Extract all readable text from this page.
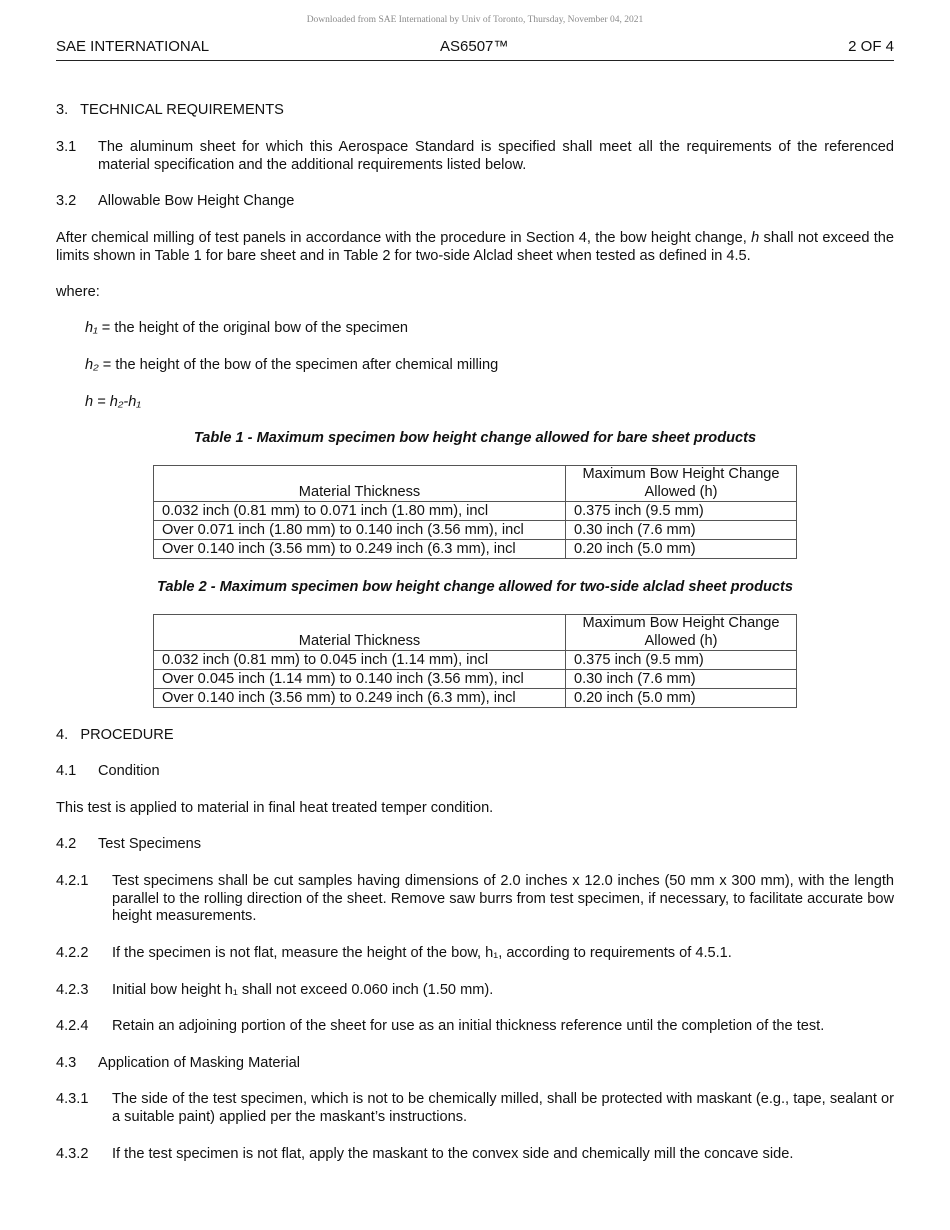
Downloaded from SAE International by Univ of Toronto, Thursday, November 04, 2021
SAE INTERNATIONAL	AS6507™	2 OF 4

3.   TECHNICAL REQUIREMENTS

3.1 The aluminum sheet for which this Aerospace Standard is specified shall meet all the requirements of the referenced material specification and the additional requirements listed below.

3.2 Allowable Bow Height Change

After chemical milling of test panels in accordance with the procedure in Section 4, the bow height change, h shall not exceed the limits shown in Table 1 for bare sheet and in Table 2 for two-side Alclad sheet when tested as defined in 4.5.

where:

h₁ = the height of the original bow of the specimen

h₂ = the height of the bow of the specimen after chemical milling

h = h₂-h₁

Table 1 - Maximum specimen bow height change allowed for bare sheet products

Material Thickness	Maximum Bow Height Change Allowed (h)
0.032 inch (0.81 mm) to 0.071 inch (1.80 mm), incl	0.375 inch (9.5 mm)
Over 0.071 inch (1.80 mm) to 0.140 inch (3.56 mm), incl	0.30 inch (7.6 mm)
Over 0.140 inch (3.56 mm) to 0.249 inch (6.3 mm), incl	0.20 inch (5.0 mm)

Table 2 - Maximum specimen bow height change allowed for two-side alclad sheet products

Material Thickness	Maximum Bow Height Change Allowed (h)
0.032 inch (0.81 mm) to 0.045 inch (1.14 mm), incl	0.375 inch (9.5 mm)
Over 0.045 inch (1.14 mm) to 0.140 inch (3.56 mm), incl	0.30 inch (7.6 mm)
Over 0.140 inch (3.56 mm) to 0.249 inch (6.3 mm), incl	0.20 inch (5.0 mm)

4.   PROCEDURE

4.1 Condition

This test is applied to material in final heat treated temper condition.

4.2 Test Specimens

4.2.1 Test specimens shall be cut samples having dimensions of 2.0 inches x 12.0 inches (50 mm x 300 mm), with the length parallel to the rolling direction of the sheet. Remove saw burrs from test specimen, if necessary, to facilitate accurate bow height measurements.

4.2.2 If the specimen is not flat, measure the height of the bow, h₁, according to requirements of 4.5.1.

4.2.3 Initial bow height h₁ shall not exceed 0.060 inch (1.50 mm).

4.2.4 Retain an adjoining portion of the sheet for use as an initial thickness reference until the completion of the test.

4.3 Application of Masking Material

4.3.1 The side of the test specimen, which is not to be chemically milled, shall be protected with maskant (e.g., tape, sealant or a suitable paint) applied per the maskant’s instructions.

4.3.2 If the test specimen is not flat, apply the maskant to the convex side and chemically mill the concave side.
